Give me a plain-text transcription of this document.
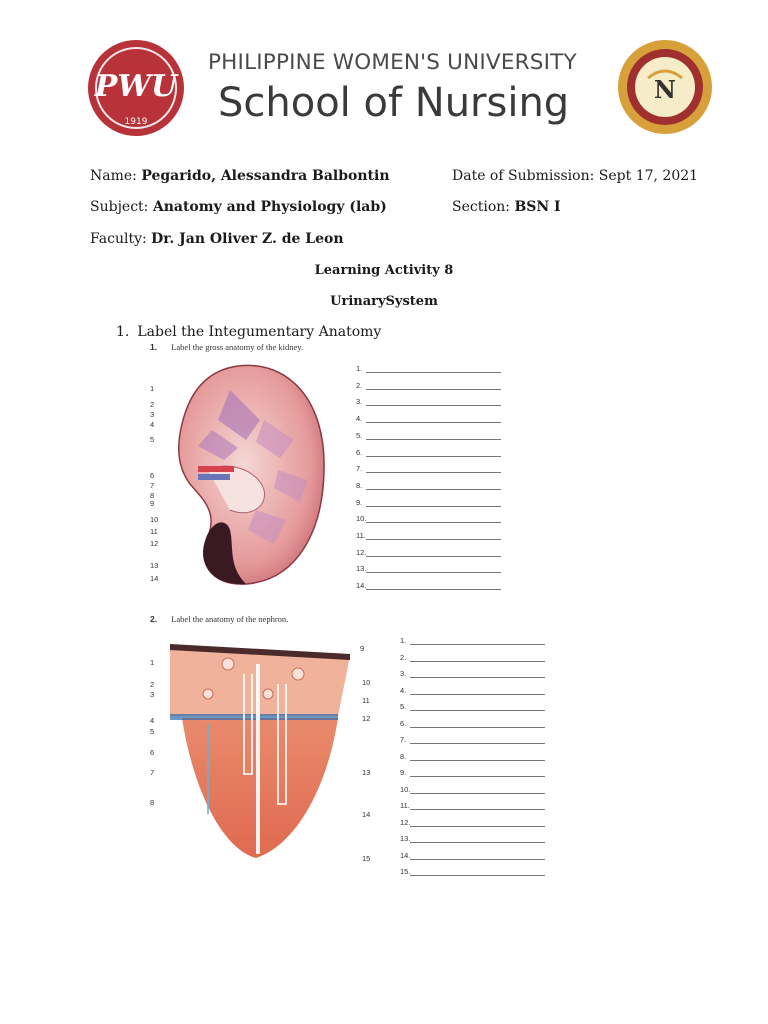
PWU
1919
PHILIPPINE WOMEN'S UNIVERSITY
School of Nursing	N
Name: Pegarido, Alessandra Balbontin	Date of Submission: Sept 17, 2021
Subject: Anatomy and Physiology (lab)	Section: BSN I
Faculty: Dr. Jan Oliver Z. de Leon
Learning Activity 8
UrinarySystem
1. Label the Integumentary Anatomy
1. Label the gross anatomy of the kidney.
1
2
3
4
5
6
7
8
9
10
11
12
13
14
1.
2.
3.
4.
5.
6.
7.
8.
9.
10.
11.
12.
13.
14.
2. Label the anatomy of the nephron.
1
2
3
4
5
6
7
8
9
10
11
12
13
14
15
1.
2.
3.
4.
5.
6.
7.
8.
9.
10.
11.
12.
13.
14.
15.
